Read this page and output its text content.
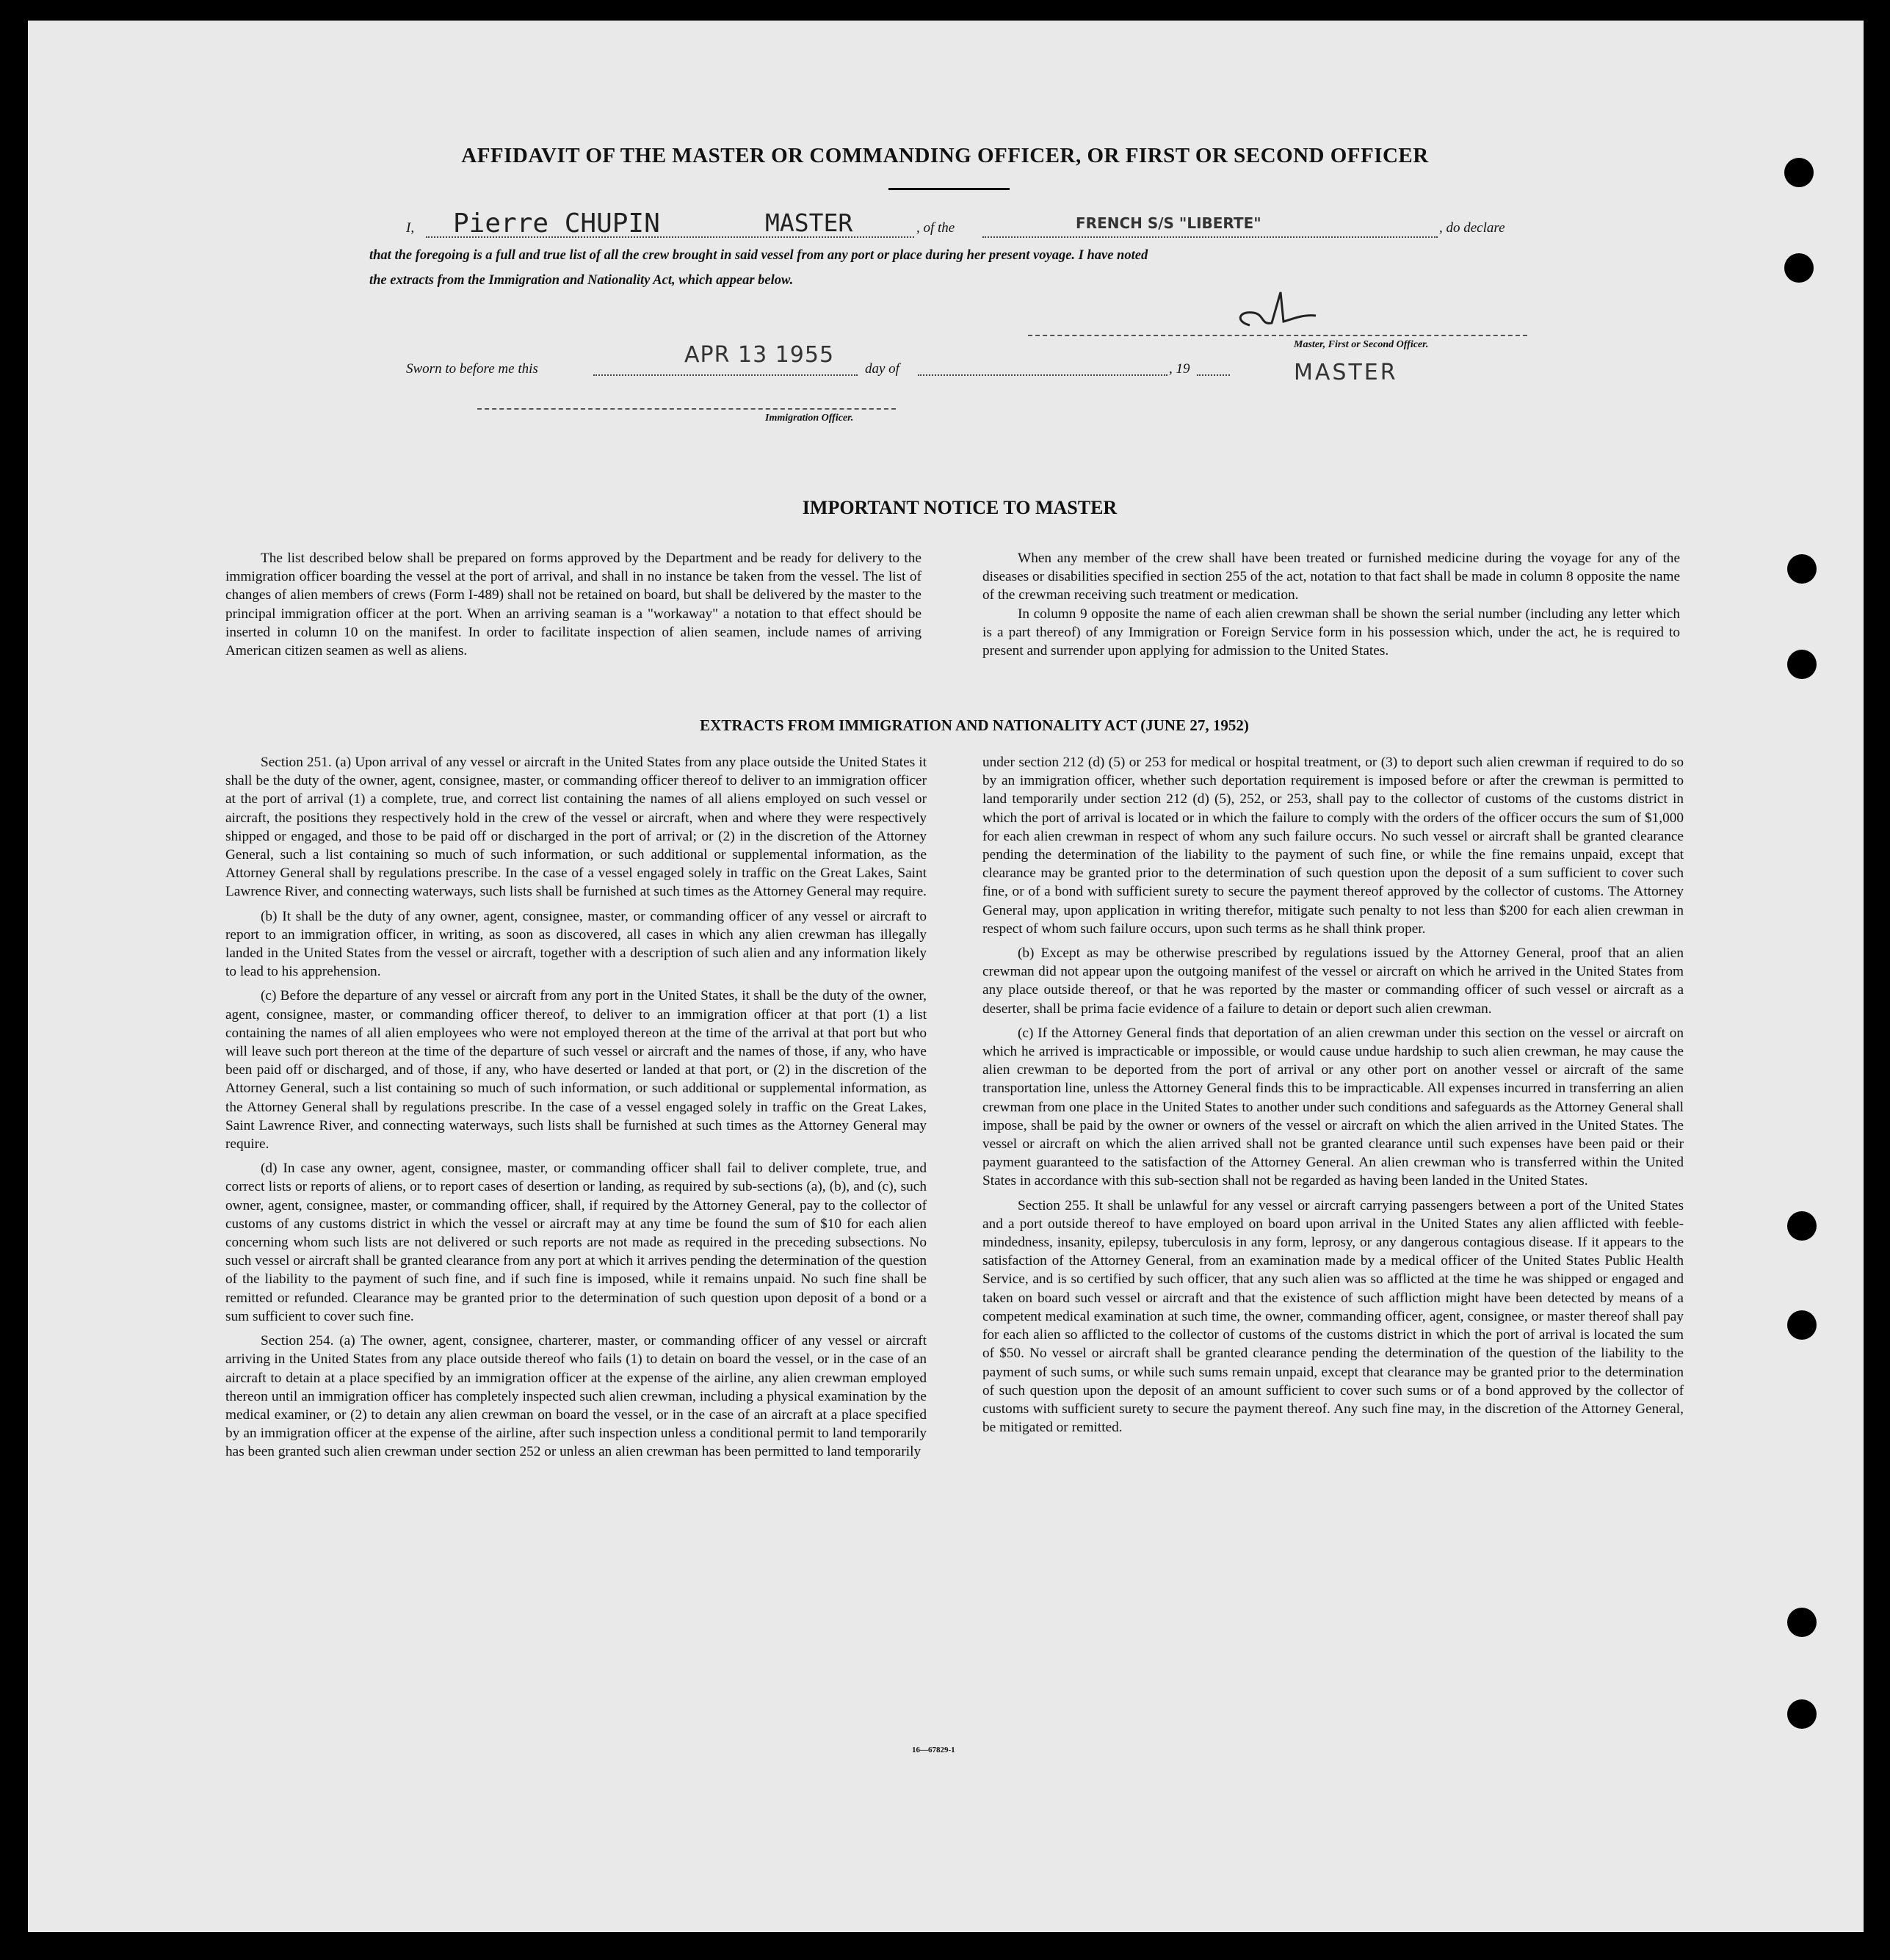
AFFIDAVIT OF THE MASTER OR COMMANDING OFFICER, OR FIRST OR SECOND OFFICER
I, Pierre CHUPIN	MASTER	, of the	FRENCH S/S "LIBERTE"	, do declare
that the foregoing is a full and true list of all the crew brought in said vessel from any port or place during her present voyage. I have noted
the extracts from the Immigration and Nationality Act, which appear below.
Master, First or Second Officer.
MASTER
Sworn to before me this
APR 13 1955
day of	, 19
Immigration Officer.
IMPORTANT NOTICE TO MASTER

The list described below shall be prepared on forms approved by the Department and be ready for delivery to the immigration officer boarding the vessel at the port of arrival, and shall in no instance be taken from the vessel. The list of changes of alien members of crews (Form I-489) shall not be retained on board, but shall be delivered by the master to the principal immigration officer at the port. When an arriving seaman is a "workaway" a notation to that effect should be inserted in column 10 on the manifest. In order to facilitate inspection of alien seamen, include names of arriving American citizen seamen as well as aliens.

When any member of the crew shall have been treated or furnished medicine during the voyage for any of the diseases or disabilities specified in section 255 of the act, notation to that fact shall be made in column 8 opposite the name of the crewman receiving such treatment or medication.

In column 9 opposite the name of each alien crewman shall be shown the serial number (including any letter which is a part thereof) of any Immigration or Foreign Service form in his possession which, under the act, he is required to present and surrender upon applying for admission to the United States.

EXTRACTS FROM IMMIGRATION AND NATIONALITY ACT (JUNE 27, 1952)

Section 251. (a) Upon arrival of any vessel or aircraft in the United States from any place outside the United States it shall be the duty of the owner, agent, consignee, master, or commanding officer thereof to deliver to an immigration officer at the port of arrival (1) a complete, true, and correct list containing the names of all aliens employed on such vessel or aircraft, the positions they respectively hold in the crew of the vessel or aircraft, when and where they were respectively shipped or engaged, and those to be paid off or discharged in the port of arrival; or (2) in the discretion of the Attorney General, such a list containing so much of such information, or such additional or supplemental information, as the Attorney General shall by regulations prescribe. In the case of a vessel engaged solely in traffic on the Great Lakes, Saint Lawrence River, and connecting waterways, such lists shall be furnished at such times as the Attorney General may require.

(b) It shall be the duty of any owner, agent, consignee, master, or commanding officer of any vessel or aircraft to report to an immigration officer, in writing, as soon as discovered, all cases in which any alien crewman has illegally landed in the United States from the vessel or aircraft, together with a description of such alien and any information likely to lead to his apprehension.

(c) Before the departure of any vessel or aircraft from any port in the United States, it shall be the duty of the owner, agent, consignee, master, or commanding officer thereof, to deliver to an immigration officer at that port (1) a list containing the names of all alien employees who were not employed thereon at the time of the arrival at that port but who will leave such port thereon at the time of the departure of such vessel or aircraft and the names of those, if any, who have been paid off or discharged, and of those, if any, who have deserted or landed at that port, or (2) in the discretion of the Attorney General, such a list containing so much of such information, or such additional or supplemental information, as the Attorney General shall by regulations prescribe. In the case of a vessel engaged solely in traffic on the Great Lakes, Saint Lawrence River, and connecting waterways, such lists shall be furnished at such times as the Attorney General may require.

(d) In case any owner, agent, consignee, master, or commanding officer shall fail to deliver complete, true, and correct lists or reports of aliens, or to report cases of desertion or landing, as required by sub-sections (a), (b), and (c), such owner, agent, consignee, master, or commanding officer, shall, if required by the Attorney General, pay to the collector of customs of any customs district in which the vessel or aircraft may at any time be found the sum of $10 for each alien concerning whom such lists are not delivered or such reports are not made as required in the preceding subsections. No such vessel or aircraft shall be granted clearance from any port at which it arrives pending the determination of the question of the liability to the payment of such fine, and if such fine is imposed, while it remains unpaid. No such fine shall be remitted or refunded. Clearance may be granted prior to the determination of such question upon deposit of a bond or a sum sufficient to cover such fine.

Section 254. (a) The owner, agent, consignee, charterer, master, or commanding officer of any vessel or aircraft arriving in the United States from any place outside thereof who fails (1) to detain on board the vessel, or in the case of an aircraft to detain at a place specified by an immigration officer at the expense of the airline, any alien crewman employed thereon until an immigration officer has completely inspected such alien crewman, including a physical examination by the medical examiner, or (2) to detain any alien crewman on board the vessel, or in the case of an aircraft at a place specified by an immigration officer at the expense of the airline, after such inspection unless a conditional permit to land temporarily has been granted such alien crewman under section 252 or unless an alien crewman has been permitted to land temporarily

under section 212 (d) (5) or 253 for medical or hospital treatment, or (3) to deport such alien crewman if required to do so by an immigration officer, whether such deportation requirement is imposed before or after the crewman is permitted to land temporarily under section 212 (d) (5), 252, or 253, shall pay to the collector of customs of the customs district in which the port of arrival is located or in which the failure to comply with the orders of the officer occurs the sum of $1,000 for each alien crewman in respect of whom any such failure occurs. No such vessel or aircraft shall be granted clearance pending the determination of the liability to the payment of such fine, or while the fine remains unpaid, except that clearance may be granted prior to the determination of such question upon the deposit of a sum sufficient to cover such fine, or of a bond with sufficient surety to secure the payment thereof approved by the collector of customs. The Attorney General may, upon application in writing therefor, mitigate such penalty to not less than $200 for each alien crewman in respect of whom such failure occurs, upon such terms as he shall think proper.

(b) Except as may be otherwise prescribed by regulations issued by the Attorney General, proof that an alien crewman did not appear upon the outgoing manifest of the vessel or aircraft on which he arrived in the United States from any place outside thereof, or that he was reported by the master or commanding officer of such vessel or aircraft as a deserter, shall be prima facie evidence of a failure to detain or deport such alien crewman.

(c) If the Attorney General finds that deportation of an alien crewman under this section on the vessel or aircraft on which he arrived is impracticable or impossible, or would cause undue hardship to such alien crewman, he may cause the alien crewman to be deported from the port of arrival or any other port on another vessel or aircraft of the same transportation line, unless the Attorney General finds this to be impracticable. All expenses incurred in transferring an alien crewman from one place in the United States to another under such conditions and safeguards as the Attorney General shall impose, shall be paid by the owner or owners of the vessel or aircraft on which the alien arrived in the United States. The vessel or aircraft on which the alien arrived shall not be granted clearance until such expenses have been paid or their payment guaranteed to the satisfaction of the Attorney General. An alien crewman who is transferred within the United States in accordance with this sub-section shall not be regarded as having been landed in the United States.

Section 255. It shall be unlawful for any vessel or aircraft carrying passengers between a port of the United States and a port outside thereof to have employed on board upon arrival in the United States any alien afflicted with feeble-mindedness, insanity, epilepsy, tuberculosis in any form, leprosy, or any dangerous contagious disease. If it appears to the satisfaction of the Attorney General, from an examination made by a medical officer of the United States Public Health Service, and is so certified by such officer, that any such alien was so afflicted at the time he was shipped or engaged and taken on board such vessel or aircraft and that the existence of such affliction might have been detected by means of a competent medical examination at such time, the owner, commanding officer, agent, consignee, or master thereof shall pay for each alien so afflicted to the collector of customs of the customs district in which the port of arrival is located the sum of $50. No vessel or aircraft shall be granted clearance pending the determination of the question of the liability to the payment of such sums, or while such sums remain unpaid, except that clearance may be granted prior to the determination of such question upon the deposit of an amount sufficient to cover such sums or of a bond approved by the collector of customs with sufficient surety to secure the payment thereof. Any such fine may, in the discretion of the Attorney General, be mitigated or remitted.

16—67829-1
